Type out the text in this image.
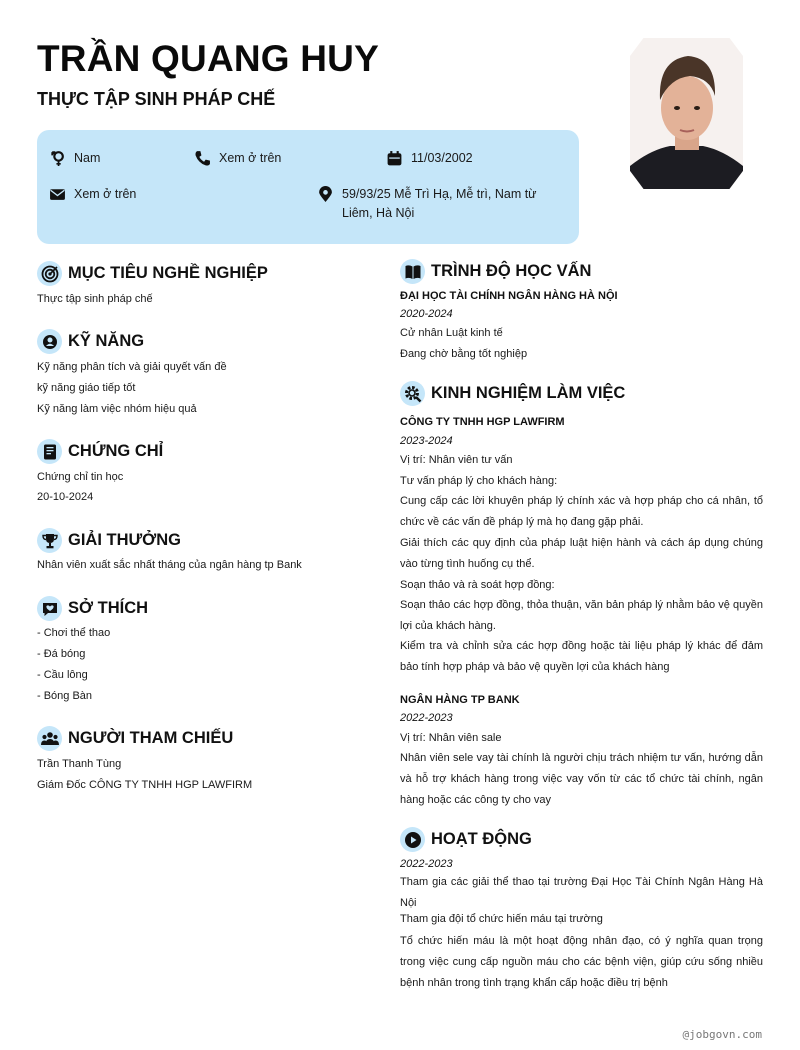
TRẦN QUANG HUY
THỰC TẬP SINH PHÁP CHẾ
Nam	Xem ở trên	11/03/2002
Xem ở trên	59/93/25 Mễ Trì Hạ, Mễ trì, Nam từ Liêm, Hà Nội
MỤC TIÊU NGHỀ NGHIỆP
Thực tập sinh pháp chế
KỸ NĂNG
Kỹ năng phân tích và giải quyết vấn đề
kỹ năng giáo tiếp tốt
Kỹ năng làm việc nhóm hiệu quả
CHỨNG CHỈ
Chứng chỉ tin học
20-10-2024
GIẢI THƯỞNG
Nhân viên xuất sắc nhất tháng của ngân hàng tp Bank
SỞ THÍCH
- Chơi thể thao
- Đá bóng
- Cầu lông
- Bóng Bàn
NGƯỜI THAM CHIẾU
Trần Thanh Tùng
Giám Đốc CÔNG TY TNHH HGP LAWFIRM
TRÌNH ĐỘ HỌC VẤN
ĐẠI HỌC TÀI CHÍNH NGÂN HÀNG HÀ NỘI
2020-2024
Cử nhân Luật kinh tế
Đang chờ bằng tốt nghiệp
KINH NGHIỆM LÀM VIỆC
CÔNG TY TNHH HGP LAWFIRM
2023-2024
Vị trí: Nhân viên tư vấn
Tư vấn pháp lý cho khách hàng:
Cung cấp các lời khuyên pháp lý chính xác và hợp pháp cho cá nhân, tổ chức về các vấn đề pháp lý mà họ đang gặp phải.
Giải thích các quy định của pháp luật hiện hành và cách áp dụng chúng vào từng tình huống cụ thể.
Soạn thảo và rà soát hợp đồng:
Soạn thảo các hợp đồng, thỏa thuận, văn bản pháp lý nhằm bảo vệ quyền lợi của khách hàng.
Kiểm tra và chỉnh sửa các hợp đồng hoặc tài liệu pháp lý khác để đảm bảo tính hợp pháp và bảo vệ quyền lợi của khách hàng
NGÂN HÀNG TP BANK
2022-2023
Vị trí: Nhân viên sale
Nhân viên sele vay tài chính là người chịu trách nhiệm tư vấn, hướng dẫn và hỗ trợ khách hàng trong việc vay vốn từ các tổ chức tài chính, ngân hàng hoặc các công ty cho vay
HOẠT ĐỘNG
2022-2023
Tham gia các giải thể thao tại trường Đại Học Tài Chính Ngân Hàng Hà Nội
Tham gia đội tổ chức hiến máu tại trường
Tổ chức hiến máu là một hoạt động nhân đạo, có ý nghĩa quan trọng trong việc cung cấp nguồn máu cho các bệnh viện, giúp cứu sống nhiều bệnh nhân trong tình trạng khẩn cấp hoặc điều trị bệnh
@jobgovn.com
